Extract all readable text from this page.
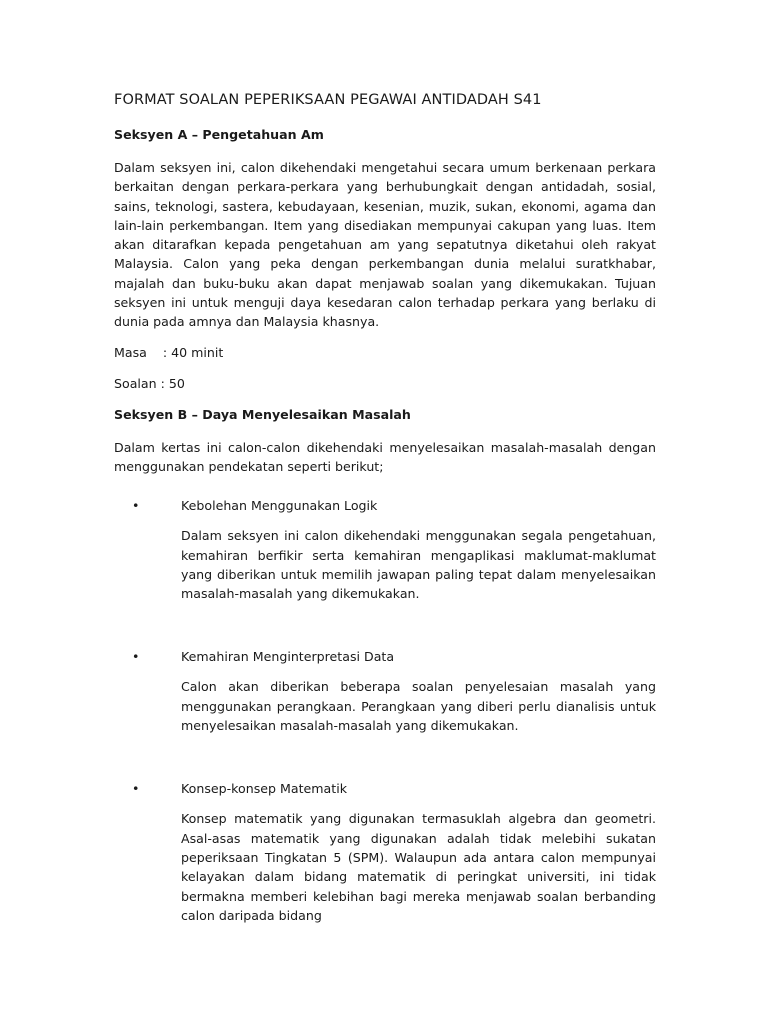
FORMAT SOALAN PEPERIKSAAN PEGAWAI ANTIDADAH S41
Seksyen A – Pengetahuan Am

Dalam seksyen ini, calon dikehendaki mengetahui secara umum berkenaan perkara berkaitan dengan perkara-perkara yang berhubungkait dengan antidadah, sosial, sains, teknologi, sastera, kebudayaan, kesenian, muzik, sukan, ekonomi, agama dan lain-lain perkembangan. Item yang disediakan mempunyai cakupan yang luas. Item akan ditarafkan kepada pengetahuan am yang sepatutnya diketahui oleh rakyat Malaysia. Calon yang peka dengan perkembangan dunia melalui suratkhabar, majalah dan buku-buku akan dapat menjawab soalan yang dikemukakan. Tujuan seksyen ini untuk menguji daya kesedaran calon terhadap perkara yang berlaku di dunia pada amnya dan Malaysia khasnya.

Masa    : 40 minit
Soalan : 50
Seksyen B – Daya Menyelesaikan Masalah

Dalam kertas ini calon-calon dikehendaki menyelesaikan masalah-masalah dengan menggunakan pendekatan seperti berikut;

•	Kebolehan Menggunakan Logik

Dalam seksyen ini calon dikehendaki menggunakan segala pengetahuan, kemahiran berfikir serta kemahiran mengaplikasi maklumat-maklumat yang diberikan untuk memilih jawapan paling tepat dalam menyelesaikan masalah-masalah yang dikemukakan.

•	Kemahiran Menginterpretasi Data

Calon akan diberikan beberapa soalan penyelesaian masalah yang menggunakan perangkaan. Perangkaan yang diberi perlu dianalisis untuk menyelesaikan masalah-masalah yang dikemukakan.

•	Konsep-konsep Matematik

Konsep matematik yang digunakan termasuklah algebra dan geometri. Asal-asas matematik yang digunakan adalah tidak melebihi sukatan peperiksaan Tingkatan 5 (SPM). Walaupun ada antara calon mempunyai kelayakan dalam bidang matematik di peringkat universiti, ini tidak bermakna memberi kelebihan bagi mereka menjawab soalan berbanding calon daripada bidang
